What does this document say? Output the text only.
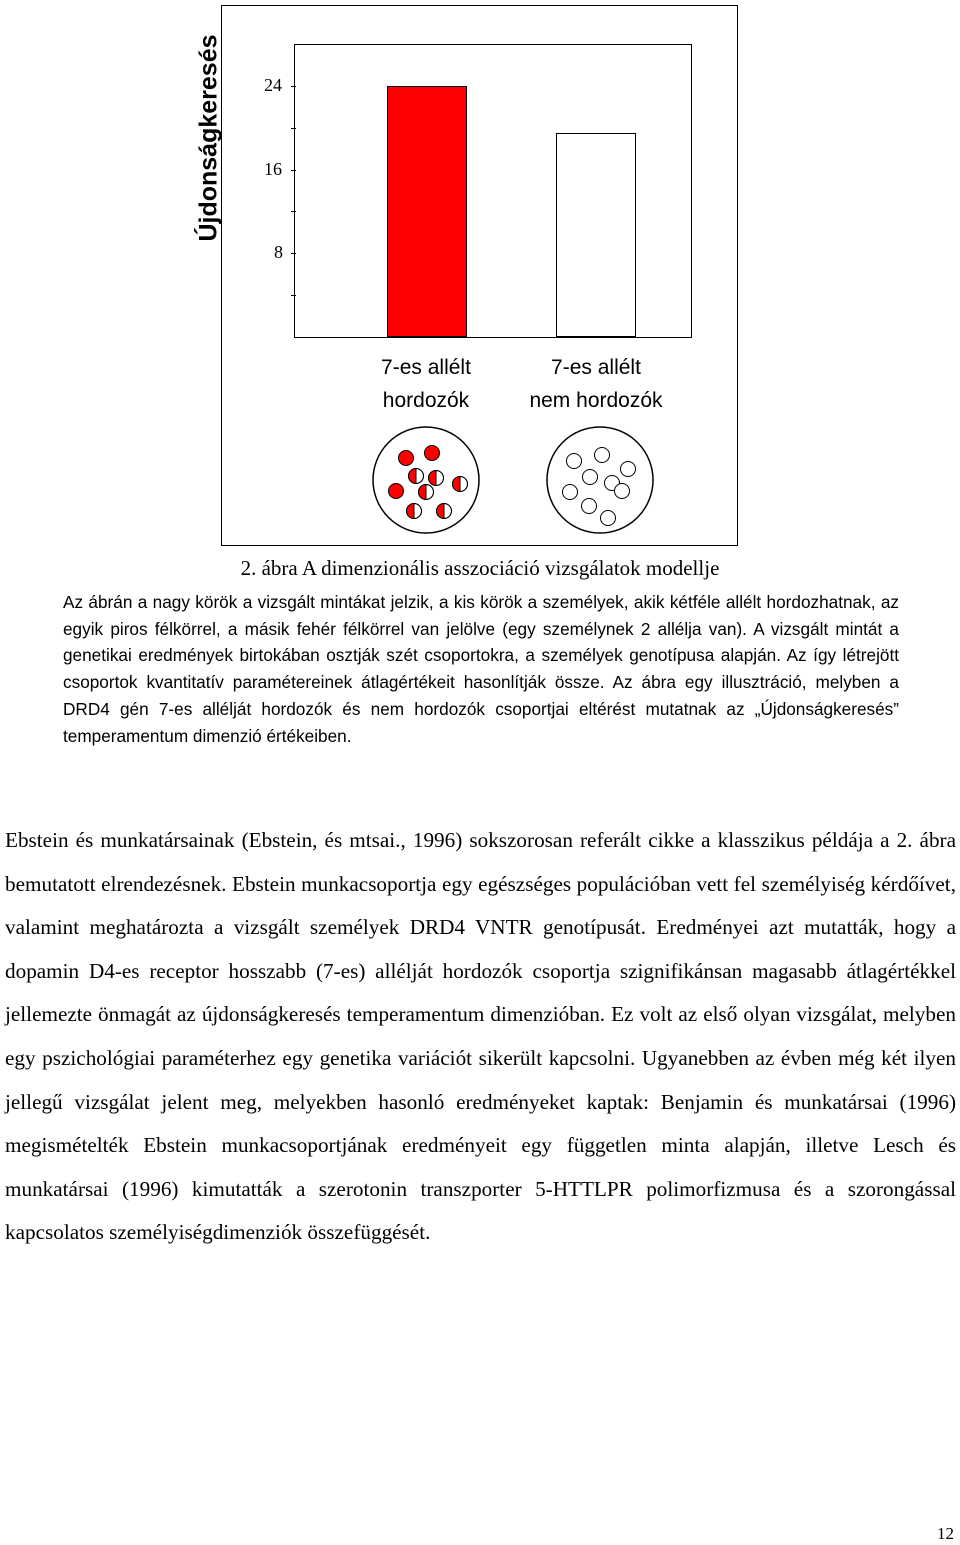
Újdonságkeresés
8
16
24
7-es allélt
hordozók
7-es allélt
nem hordozók
2. ábra A dimenzionális asszociáció vizsgálatok modellje
Az ábrán a nagy körök a vizsgált mintákat jelzik, a kis körök a személyek, akik kétféle allélt hordozhatnak, az egyik piros félkörrel, a másik fehér félkörrel van jelölve (egy személynek 2 allélja van). A vizsgált mintát a genetikai eredmények birtokában osztják szét csoportokra, a személyek genotípusa alapján. Az így létrejött csoportok kvantitatív paramétereinek átlagértékeit hasonlítják össze. Az ábra egy illusztráció, melyben a DRD4 gén 7-es allélját hordozók és nem hordozók csoportjai eltérést mutatnak az „Újdonságkeresés” temperamentum dimenzió értékeiben.
Ebstein és munkatársainak (Ebstein, és mtsai., 1996) sokszorosan referált cikke a klasszikus példája a 2. ábra bemutatott elrendezésnek. Ebstein munkacsoportja egy egészséges populációban vett fel személyiség kérdőívet, valamint meghatározta a vizsgált személyek DRD4 VNTR genotípusát. Eredményei azt mutatták, hogy a dopamin D4-es receptor hosszabb (7-es) allélját hordozók csoportja szignifikánsan magasabb átlagértékkel jellemezte önmagát az újdonságkeresés temperamentum dimenzióban. Ez volt az első olyan vizsgálat, melyben egy pszichológiai paraméterhez egy genetika variációt sikerült kapcsolni. Ugyanebben az évben még két ilyen jellegű vizsgálat jelent meg, melyekben hasonló eredményeket kaptak: Benjamin és munkatársai (1996) megismételték Ebstein munkacsoportjának eredményeit egy független minta alapján, illetve Lesch és munkatársai (1996) kimutatták a szerotonin transzporter 5-HTTLPR polimorfizmusa és a szorongással kapcsolatos személyiségdimenziók összefüggését.
12
